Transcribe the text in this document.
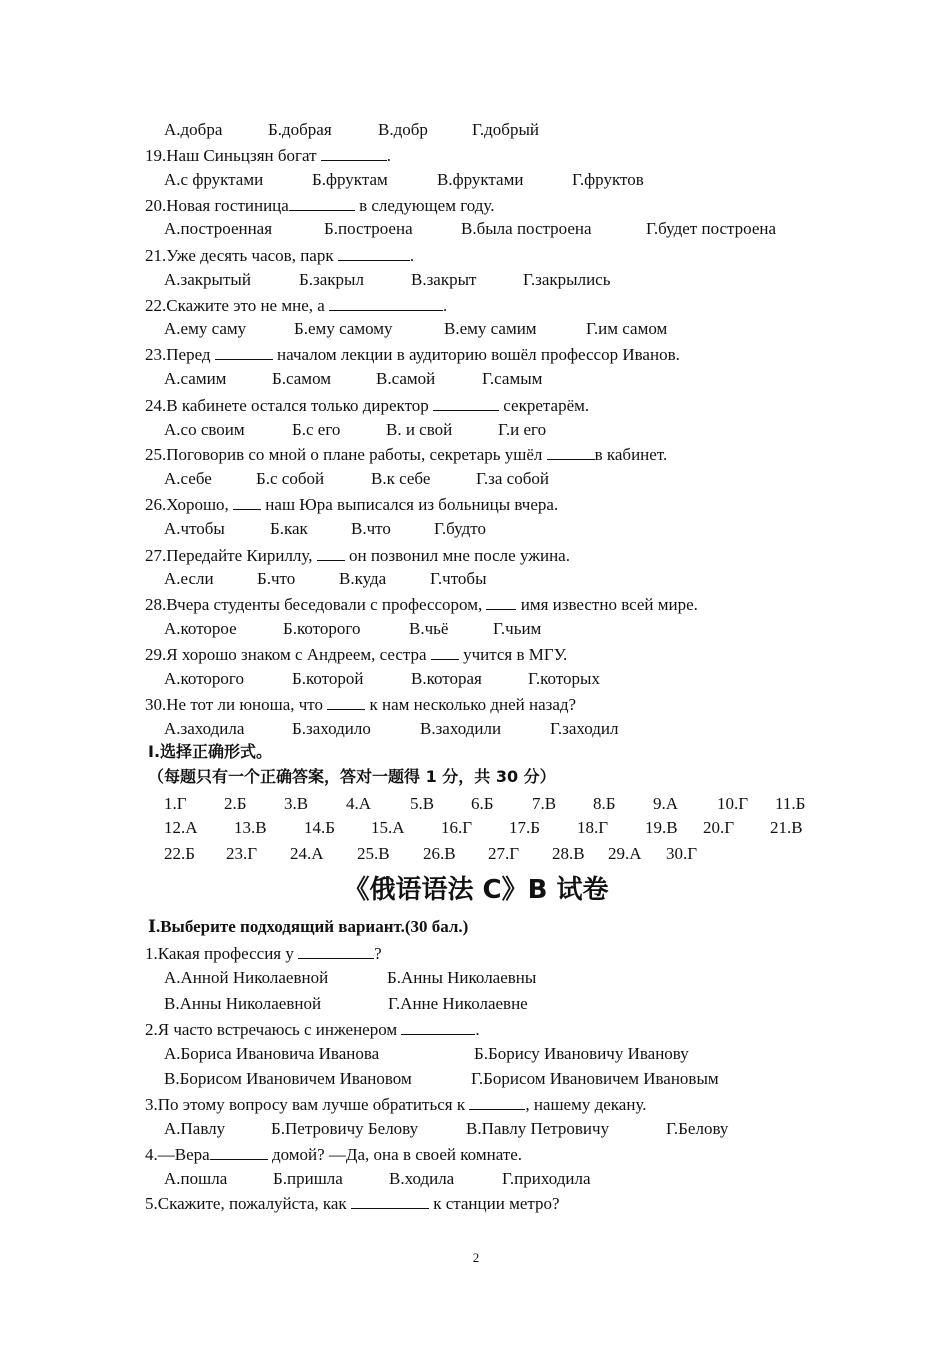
А.добра	Б.добрая	В.добр	Г.добрый
19.Наш Синьцзян богат	.
А.с фруктами	Б.фруктам	В.фруктами	Г.фруктов
20.Новая гостиница	в следующем году.
А.построенная	Б.построена	В.была построена	Г.будет построена
21.Уже десять часов, парк	.
А.закрытый	Б.закрыл	В.закрыт	Г.закрылись
22.Скажите это не мне, а	.
А.ему саму	Б.ему самому	В.ему самим	Г.им самом
23.Перед	началом лекции в аудиторию вошёл профессор Иванов.
А.самим	Б.самом	В.самой	Г.самым
24.В кабинете остался только директор	секретарём.
А.со своим	Б.с его	В. и свой	Г.и его
25.Поговорив со мной о плане работы, секретарь ушёл	в кабинет.
А.себе	Б.с собой	В.к себе	Г.за собой
26.Хорошо,  наш Юра выписался из больницы вчера.
А.чтобы	Б.как	В.что	Г.будто
27.Передайте Кириллу,  он позвонил мне после ужина.
А.если	Б.что	В.куда	Г.чтобы
28.Вчера студенты беседовали с профессором,  имя известно всей мире.
А.которое	Б.которого	В.чьё	Г.чьим
29.Я хорошо знаком с Андреем, сестра  учится в МГУ.
А.которого	Б.которой	В.которая	Г.которых
30.Не тот ли юноша, что  к нам несколько дней назад?
А.заходила	Б.заходило	В.заходили	Г.заходил
Ⅰ.选择正确形式。
（每题只有一个正确答案，答对一题得 1 分，共 30 分）
1.Г 2.Б 3.В 4.А 5.В 6.Б 7.В 8.Б 9.А 10.Г 11.Б
12.А 13.В 14.Б 15.А 16.Г 17.Б 18.Г 19.В 20.Г 21.В
22.Б 23.Г 24.А 25.В 26.В 27.Г 28.В 29.А 30.Г
《俄语语法 C》B 试卷
Ⅰ.Выберите подходящий вариант.(30 бал.)
1.Какая профессия у	?
А.Анной Николаевной	Б.Анны Николаевны
В.Анны Николаевной	Г.Анне Николаевне
2.Я часто встречаюсь с инженером	.
А.Бориса Ивановича Иванова	Б.Борису Ивановичу Иванову
В.Борисом Ивановичем Ивановом	Г.Борисом Ивановичем Ивановым
3.По этому вопросу вам лучше обратиться к	, нашему декану.
А.Павлу	Б.Петровичу Белову	В.Павлу Петровичу	Г.Белову
4.—Вера	домой? —Да, она в своей комнате.
А.пошла	Б.пришла	В.ходила	Г.приходила
5.Скажите, пожалуйста, как	к станции метро?
2
